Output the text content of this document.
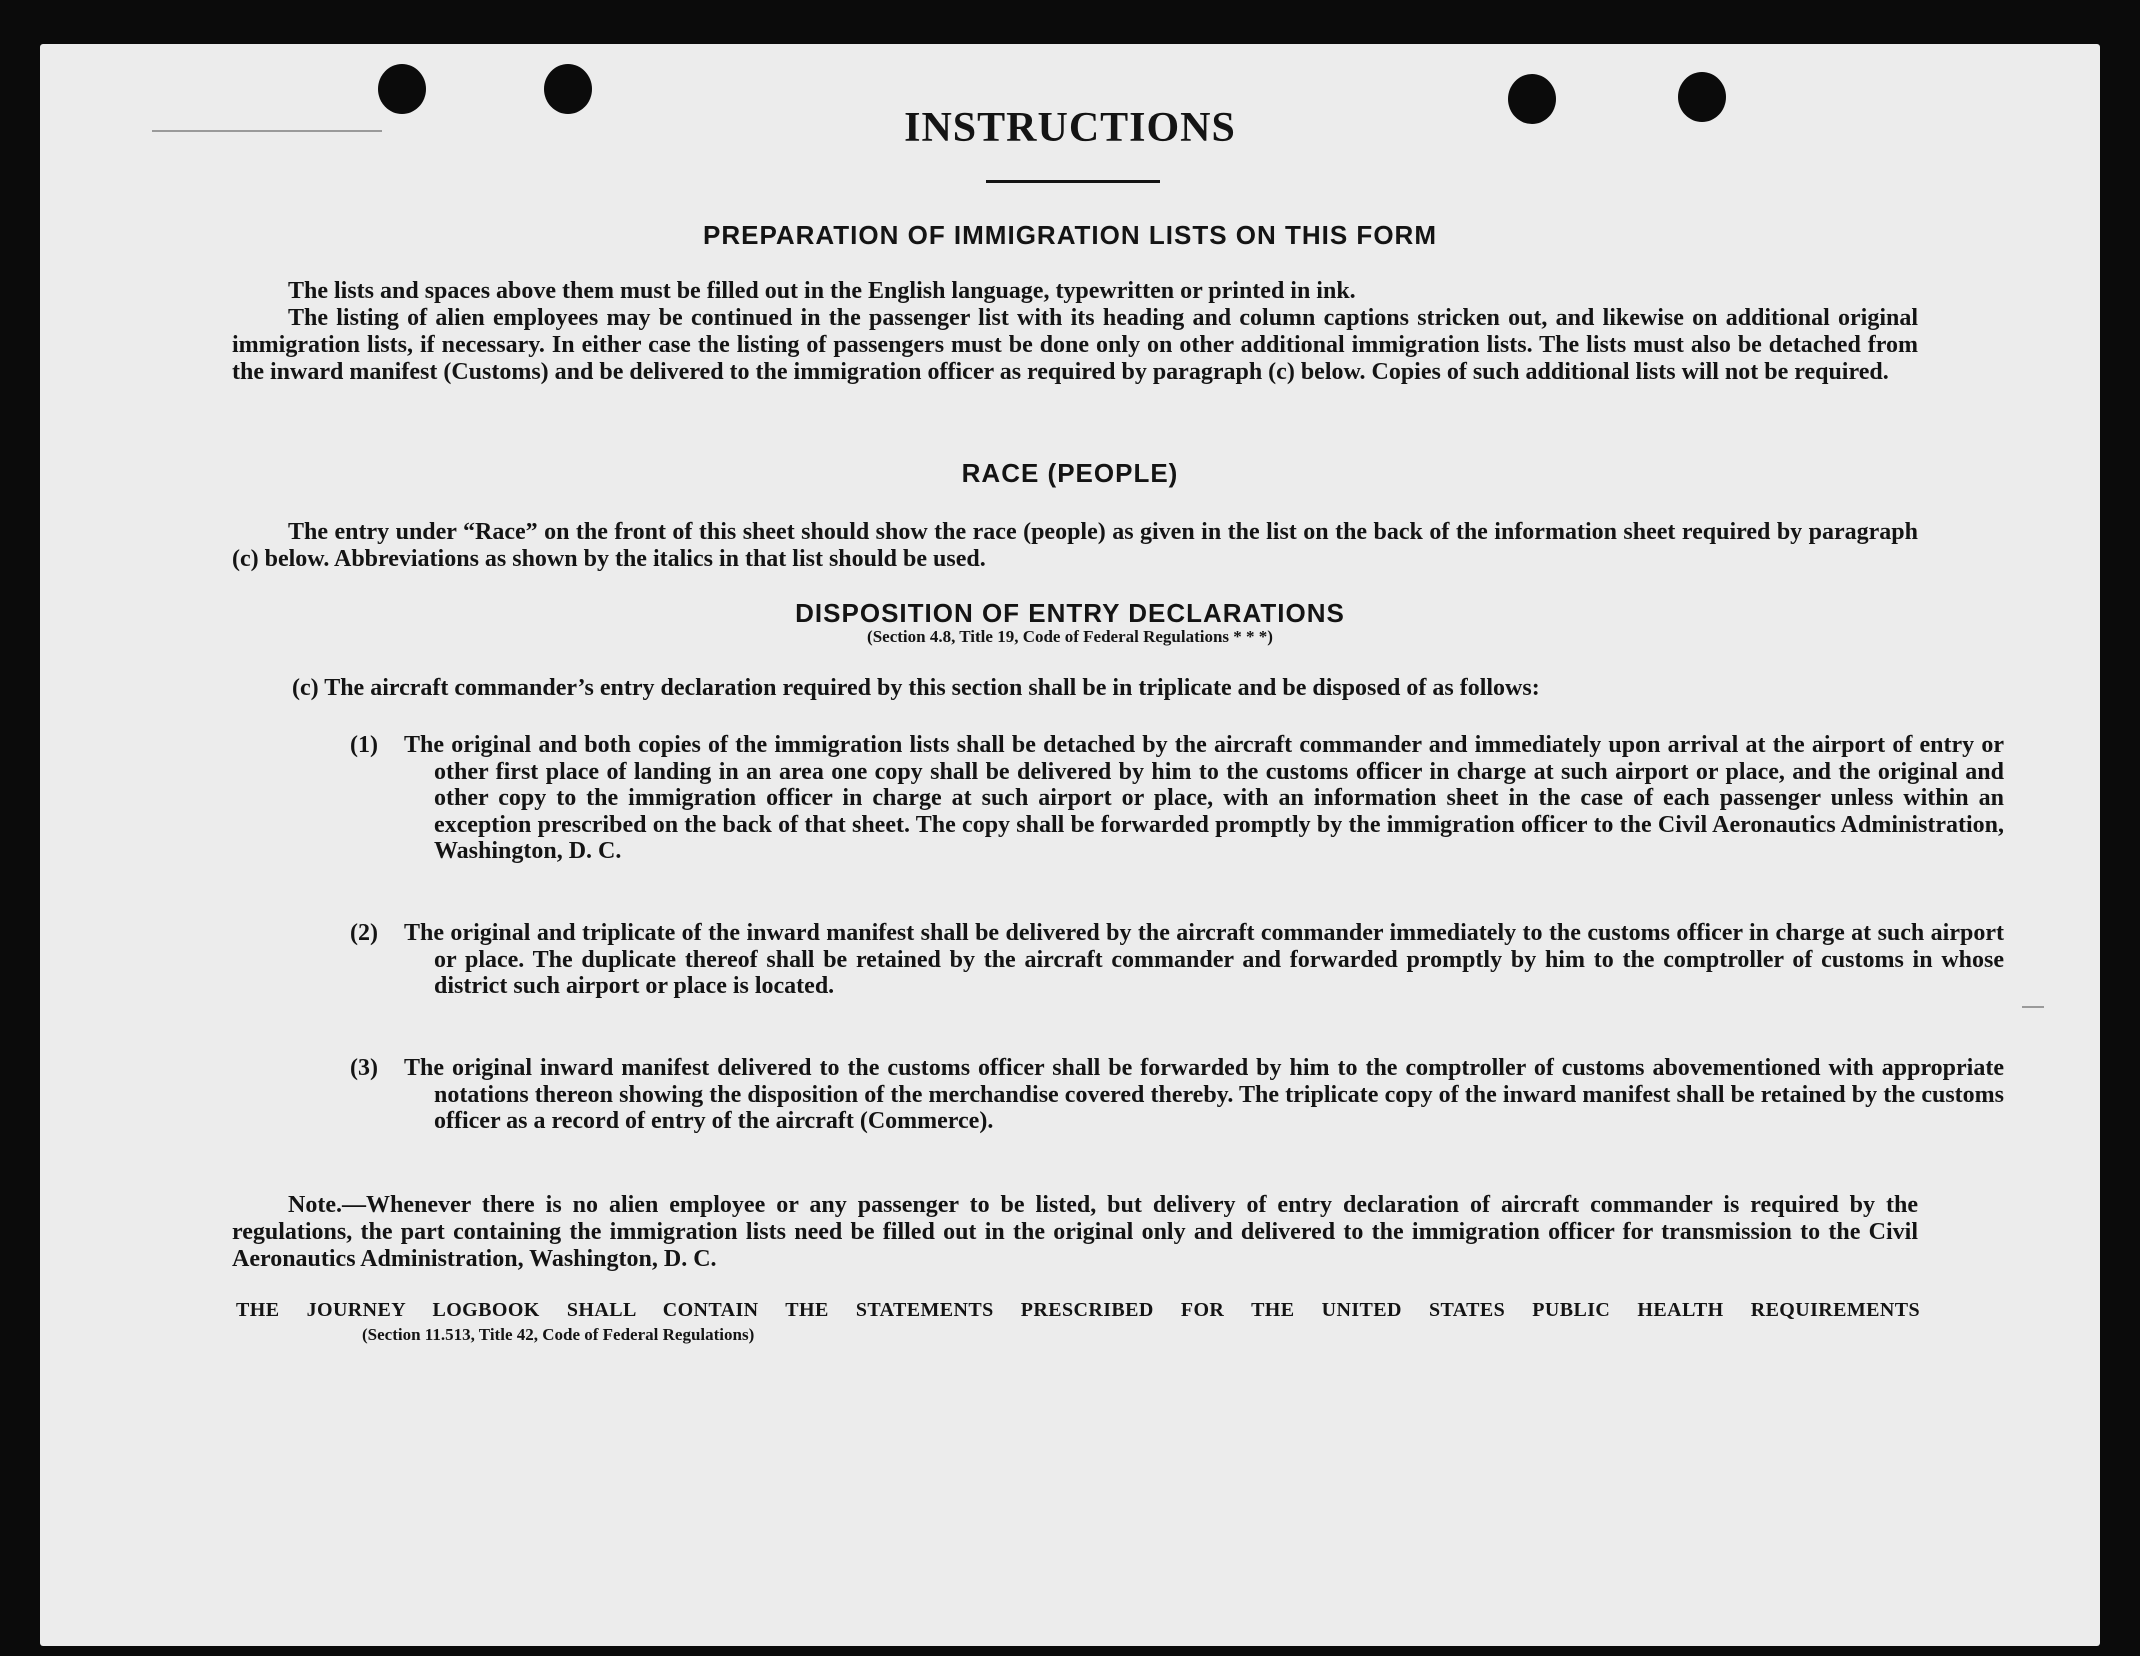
INSTRUCTIONS
PREPARATION OF IMMIGRATION LISTS ON THIS FORM

The lists and spaces above them must be filled out in the English language, typewritten or printed in ink.

The listing of alien employees may be continued in the passenger list with its heading and column captions stricken out, and likewise on additional original immigration lists, if necessary. In either case the listing of passengers must be done only on other additional immigration lists. The lists must also be detached from the inward manifest (Customs) and be delivered to the immigration officer as required by paragraph (c) below. Copies of such additional lists will not be required.

RACE (PEOPLE)

The entry under “Race” on the front of this sheet should show the race (people) as given in the list on the back of the information sheet required by paragraph (c) below. Abbreviations as shown by the italics in that list should be used.

DISPOSITION OF ENTRY DECLARATIONS
(Section 4.8, Title 19, Code of Federal Regulations * * *)

(c) The aircraft commander’s entry declaration required by this section shall be in triplicate and be disposed of as follows:

(1) The original and both copies of the immigration lists shall be detached by the aircraft commander and immediately upon arrival at the airport of entry or other first place of landing in an area one copy shall be delivered by him to the customs officer in charge at such airport or place, and the original and other copy to the immigration officer in charge at such airport or place, with an information sheet in the case of each passenger unless within an exception prescribed on the back of that sheet. The copy shall be forwarded promptly by the immigration officer to the Civil Aeronautics Administration, Washington, D. C.

(2) The original and triplicate of the inward manifest shall be delivered by the aircraft commander immediately to the customs officer in charge at such airport or place. The duplicate thereof shall be retained by the aircraft commander and forwarded promptly by him to the comptroller of customs in whose district such airport or place is located.

(3) The original inward manifest delivered to the customs officer shall be forwarded by him to the comptroller of customs abovementioned with appropriate notations thereon showing the disposition of the merchandise covered thereby. The triplicate copy of the inward manifest shall be retained by the customs officer as a record of entry of the aircraft (Commerce).

Note.—Whenever there is no alien employee or any passenger to be listed, but delivery of entry declaration of aircraft commander is required by the regulations, the part containing the immigration lists need be filled out in the original only and delivered to the immigration officer for transmission to the Civil Aeronautics Administration, Washington, D. C.

THE JOURNEY LOGBOOK SHALL CONTAIN THE STATEMENTS PRESCRIBED FOR THE UNITED STATES PUBLIC HEALTH REQUIREMENTS
(Section 11.513, Title 42, Code of Federal Regulations)
